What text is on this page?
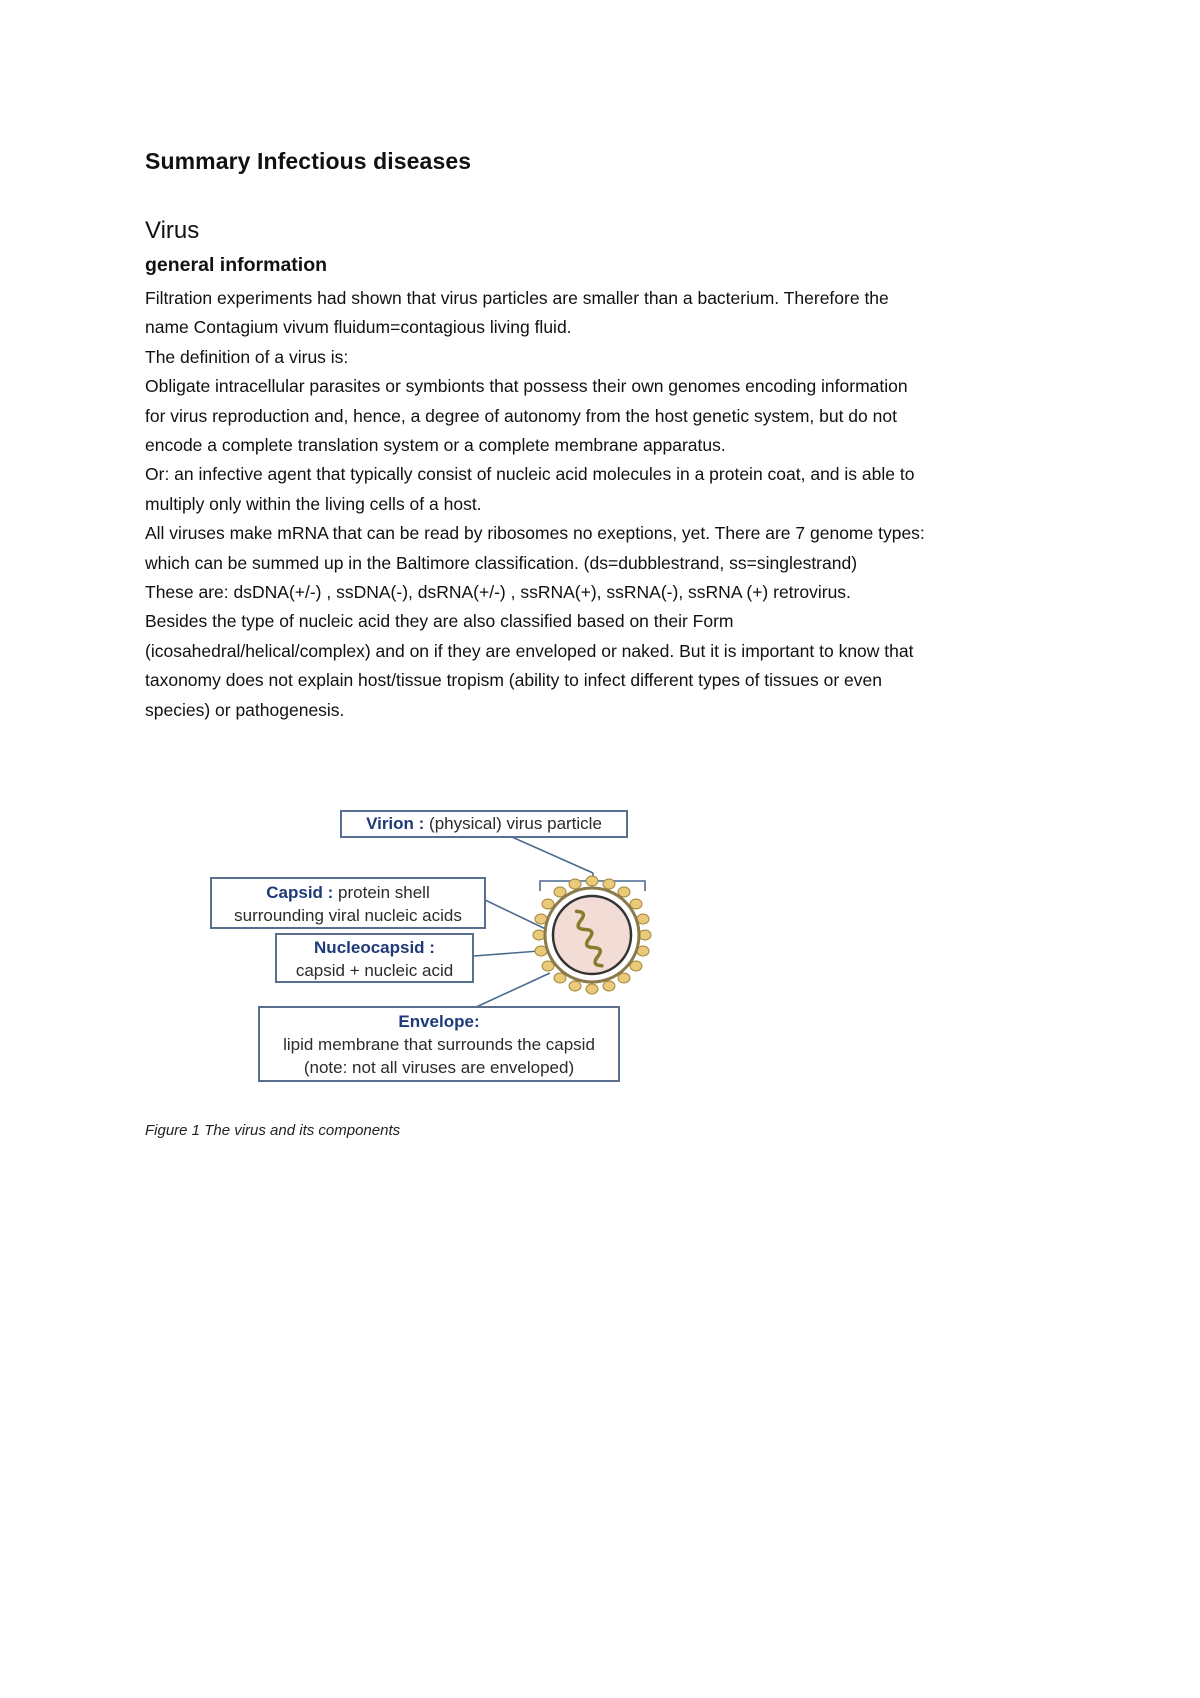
Summary Infectious diseases
Virus
general information
Filtration experiments had shown that virus particles are smaller than a bacterium. Therefore the
name Contagium vivum fluidum=contagious living fluid.
The definition of a virus is:
Obligate intracellular parasites or symbionts that possess their own genomes encoding information
for virus reproduction and, hence, a degree of autonomy from the host genetic system, but do not
encode a complete translation system or a complete membrane apparatus.
Or: an infective agent that typically consist of nucleic acid molecules in a protein coat, and is able to
multiply only within the living cells of a host.
All viruses make mRNA that can be read by ribosomes no exeptions, yet. There are 7 genome types:
which can be summed up in the Baltimore classification. (ds=dubblestrand, ss=singlestrand)
These are: dsDNA(+/-) , ssDNA(-), dsRNA(+/-) , ssRNA(+), ssRNA(-), ssRNA (+) retrovirus.
Besides the type of nucleic acid they are also classified based on their Form
(icosahedral/helical/complex) and on if they are enveloped or naked. But it is important to know that
taxonomy does not explain host/tissue tropism (ability to infect different types of tissues or even
species) or pathogenesis.
Virion : (physical) virus particle
Capsid : protein shell
surrounding viral nucleic acids
Nucleocapsid :
capsid + nucleic acid
Envelope:
lipid membrane that surrounds the capsid
(note: not all viruses are enveloped)
Figure 1 The virus and its components
